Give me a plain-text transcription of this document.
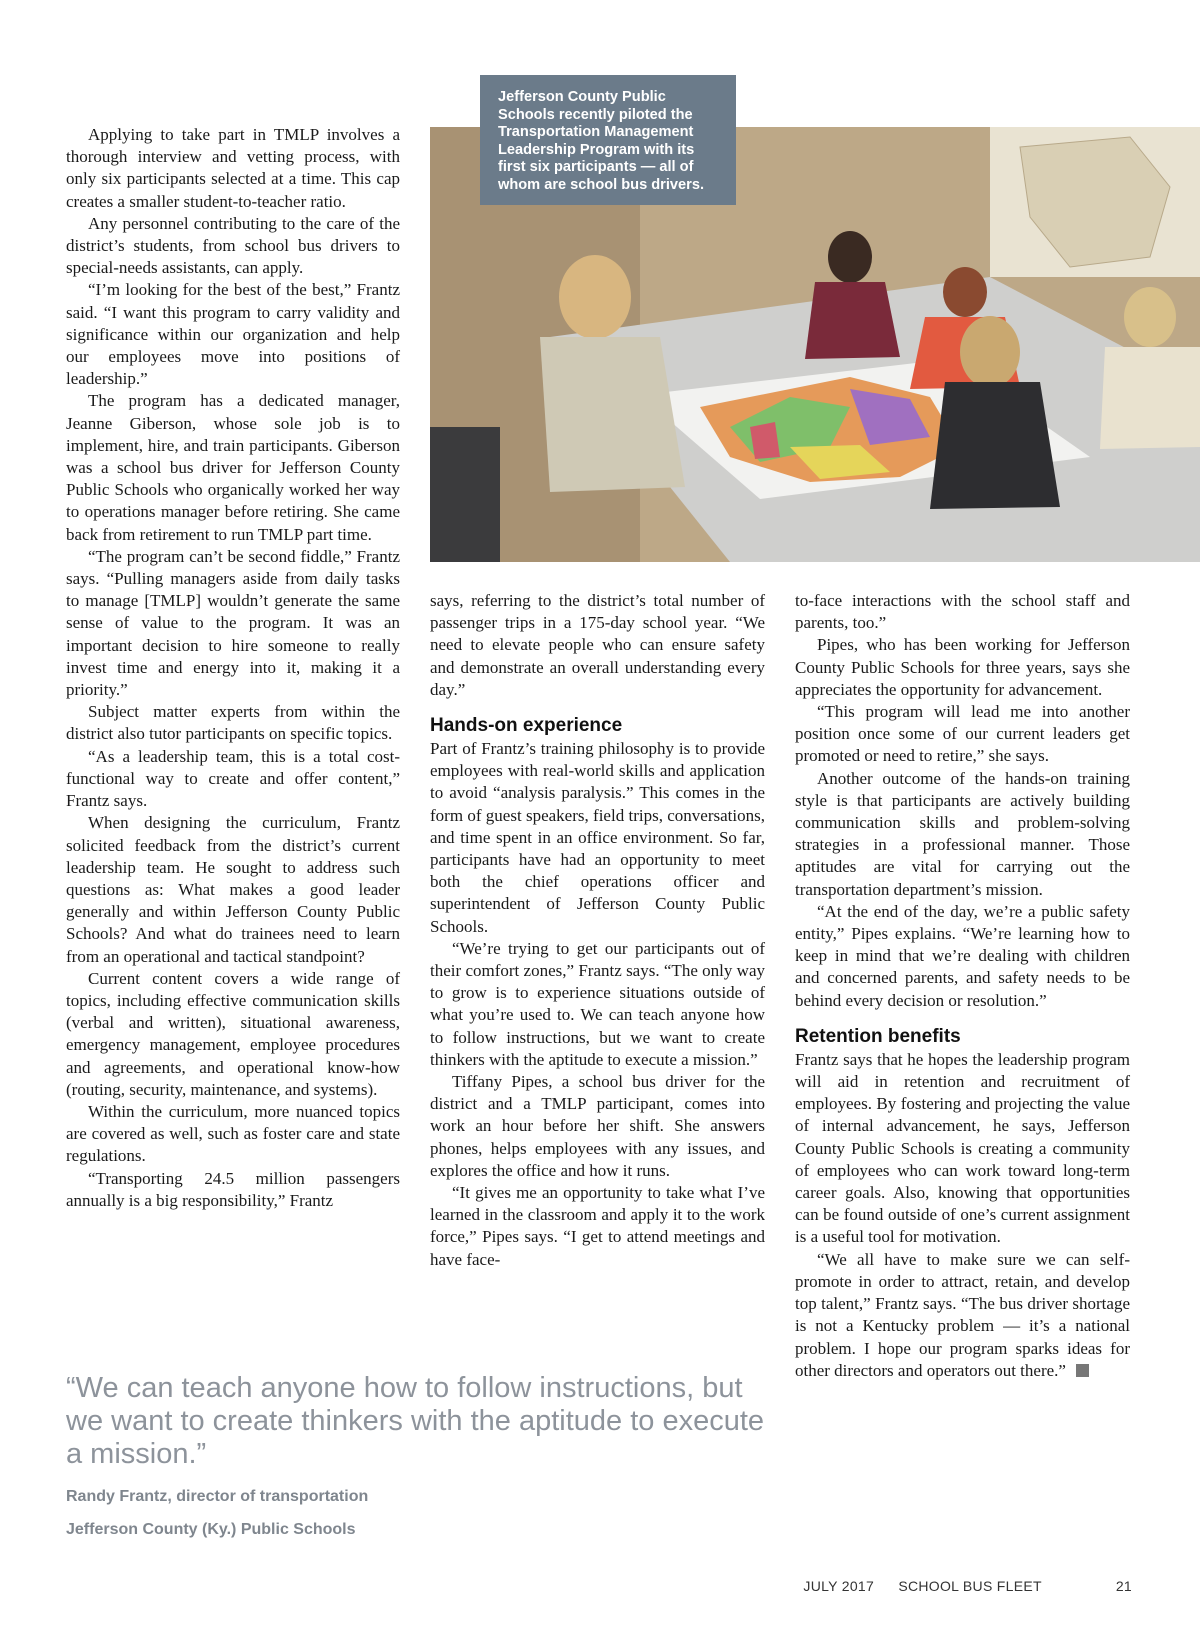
Jefferson County Public Schools recently piloted the Transportation Management Leadership Program with its first six participants — all of whom are school bus drivers.

Applying to take part in TMLP involves a thorough interview and vetting process, with only six participants selected at a time. This cap creates a smaller student-to-teacher ratio.

Any personnel contributing to the care of the district’s students, from school bus drivers to special-needs assistants, can apply.

“I’m looking for the best of the best,” Frantz said. “I want this program to carry validity and significance within our organization and help our employees move into positions of leadership.”

The program has a dedicated manager, Jeanne Giberson, whose sole job is to implement, hire, and train participants. Giberson was a school bus driver for Jefferson County Public Schools who organically worked her way to operations manager before retiring. She came back from retirement to run TMLP part time.

“The program can’t be second fiddle,” Frantz says. “Pulling managers aside from daily tasks to manage [TMLP] wouldn’t generate the same sense of value to the program. It was an important decision to hire someone to really invest time and energy into it, making it a priority.”

Subject matter experts from within the district also tutor participants on specific topics.

“As a leadership team, this is a total cost-functional way to create and offer content,” Frantz says.

When designing the curriculum, Frantz solicited feedback from the district’s current leadership team. He sought to address such questions as: What makes a good leader generally and within Jefferson County Public Schools? And what do trainees need to learn from an operational and tactical standpoint?

Current content covers a wide range of topics, including effective communication skills (verbal and written), situational awareness, emergency management, employee procedures and agreements, and operational know-how (routing, security, maintenance, and systems).

Within the curriculum, more nuanced topics are covered as well, such as foster care and state regulations.

“Transporting 24.5 million passengers annually is a big responsibility,” Frantz

says, referring to the district’s total number of passenger trips in a 175-day school year. “We need to elevate people who can ensure safety and demonstrate an overall understanding every day.”

Hands-on experience

Part of Frantz’s training philosophy is to provide employees with real-world skills and application to avoid “analysis paralysis.” This comes in the form of guest speakers, field trips, conversations, and time spent in an office environment. So far, participants have had an opportunity to meet both the chief operations officer and superintendent of Jefferson County Public Schools.

“We’re trying to get our participants out of their comfort zones,” Frantz says. “The only way to grow is to experience situations outside of what you’re used to. We can teach anyone how to follow instructions, but we want to create thinkers with the aptitude to execute a mission.”

Tiffany Pipes, a school bus driver for the district and a TMLP participant, comes into work an hour before her shift. She answers phones, helps employees with any issues, and explores the office and how it runs.

“It gives me an opportunity to take what I’ve learned in the classroom and apply it to the work force,” Pipes says. “I get to attend meetings and have face-

to-face interactions with the school staff and parents, too.”

Pipes, who has been working for Jefferson County Public Schools for three years, says she appreciates the opportunity for advancement.

“This program will lead me into another position once some of our current leaders get promoted or need to retire,” she says.

Another outcome of the hands-on training style is that participants are actively building communication skills and problem-solving strategies in a professional manner. Those aptitudes are vital for carrying out the transportation department’s mission.

“At the end of the day, we’re a public safety entity,” Pipes explains. “We’re learning how to keep in mind that we’re dealing with children and concerned parents, and safety needs to be behind every decision or resolution.”

Retention benefits

Frantz says that he hopes the leadership program will aid in retention and recruitment of employees. By fostering and projecting the value of internal advancement, he says, Jefferson County Public Schools is creating a community of employees who can work toward long-term career goals. Also, knowing that opportunities can be found outside of one’s current assignment is a useful tool for motivation.

“We all have to make sure we can self-promote in order to attract, retain, and develop top talent,” Frantz says. “The bus driver shortage is not a Kentucky problem — it’s a national problem. I hope our program sparks ideas for other directors and operators out there.”

“We can teach anyone how to follow instructions, but we want to create thinkers with the aptitude to execute a mission.”
Randy Frantz, director of transportation
Jefferson County (Ky.) Public Schools
JULY 2017 SCHOOL BUS FLEET	21
